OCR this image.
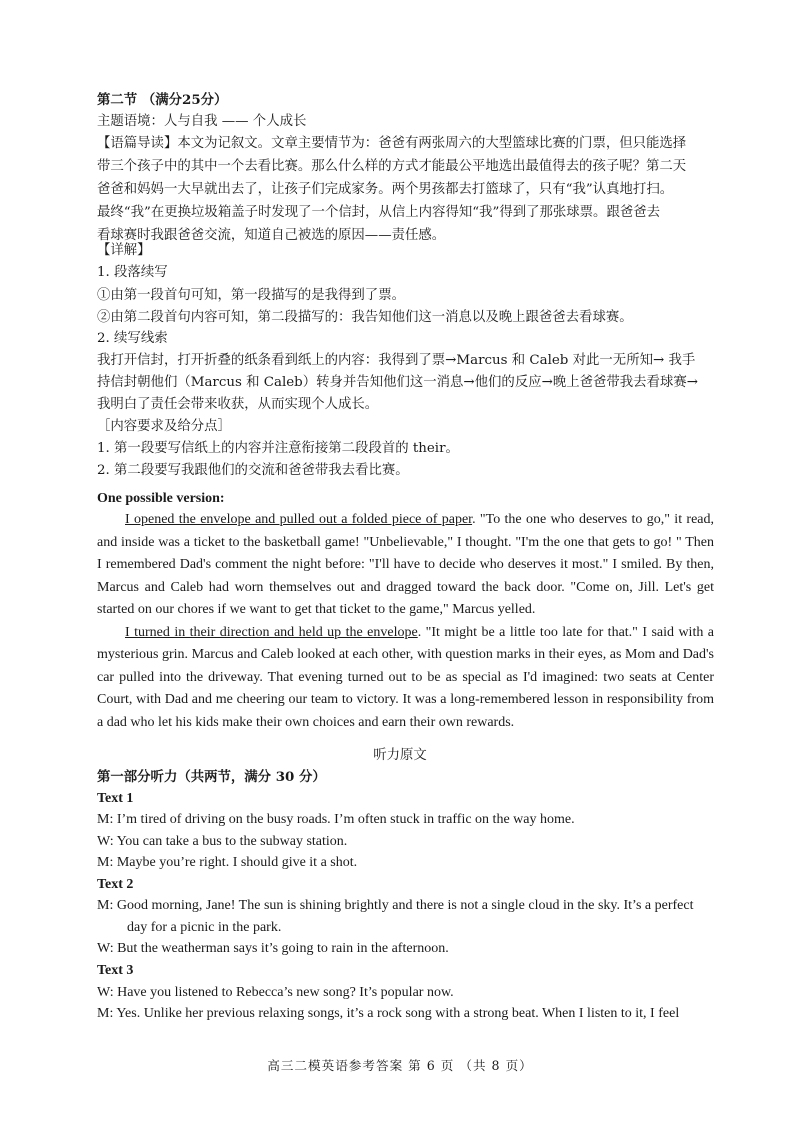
第二节 （满分25分）
主题语境：人与自我 —— 个人成长
【语篇导读】本文为记叙文。文章主要情节为：爸爸有两张周六的大型篮球比赛的门票，但只能选择
带三个孩子中的其中一个去看比赛。那么什么样的方式才能最公平地选出最值得去的孩子呢？第二天
爸爸和妈妈一大早就出去了，让孩子们完成家务。两个男孩都去打篮球了，只有“我”认真地打扫。
最终“我”在更换垃圾箱盖子时发现了一个信封，从信上内容得知“我”得到了那张球票。跟爸爸去
看球赛时我跟爸爸交流，知道自己被选的原因——责任感。
【详解】
1. 段落续写
①由第一段首句可知，第一段描写的是我得到了票。
②由第二段首句内容可知，第二段描写的：我告知他们这一消息以及晚上跟爸爸去看球赛。
2. 续写线索
我打开信封，打开折叠的纸条看到纸上的内容：我得到了票→Marcus 和 Caleb 对此一无所知→ 我手
持信封朝他们（Marcus 和 Caleb）转身并告知他们这一消息→他们的反应→晚上爸爸带我去看球赛→
我明白了责任会带来收获，从而实现个人成长。
［内容要求及给分点］
1. 第一段要写信纸上的内容并注意衔接第二段段首的 their。
2. 第二段要写我跟他们的交流和爸爸带我去看比赛。
One possible version:

I opened the envelope and pulled out a folded piece of paper. "To the one who deserves to go," it read, and inside was a ticket to the basketball game! "Unbelievable," I thought. "I'm the one that gets to go! " Then I remembered Dad's comment the night before: "I'll have to decide who deserves it most." I smiled. By then, Marcus and Caleb had worn themselves out and dragged toward the back door. "Come on, Jill. Let's get started on our chores if we want to get that ticket to the game," Marcus yelled.

I turned in their direction and held up the envelope. "It might be a little too late for that." I said with a mysterious grin. Marcus and Caleb looked at each other, with question marks in their eyes, as Mom and Dad's car pulled into the driveway. That evening turned out to be as special as I'd imagined: two seats at Center Court, with Dad and me cheering our team to victory. It was a long-remembered lesson in responsibility from a dad who let his kids make their own choices and earn their own rewards.

听力原文
第一部分听力（共两节，满分 30 分）
Text 1
M: I’m tired of driving on the busy roads. I’m often stuck in traffic on the way home.
W: You can take a bus to the subway station.
M: Maybe you’re right. I should give it a shot.
Text 2
M: Good morning, Jane! The sun is shining brightly and there is not a single cloud in the sky. It’s a perfect
day for a picnic in the park.
W: But the weatherman says it’s going to rain in the afternoon.
Text 3
W: Have you listened to Rebecca’s new song? It’s popular now.
M: Yes. Unlike her previous relaxing songs, it’s a rock song with a strong beat. When I listen to it, I feel
高三二模英语参考答案 第 6 页 （共 8 页）
